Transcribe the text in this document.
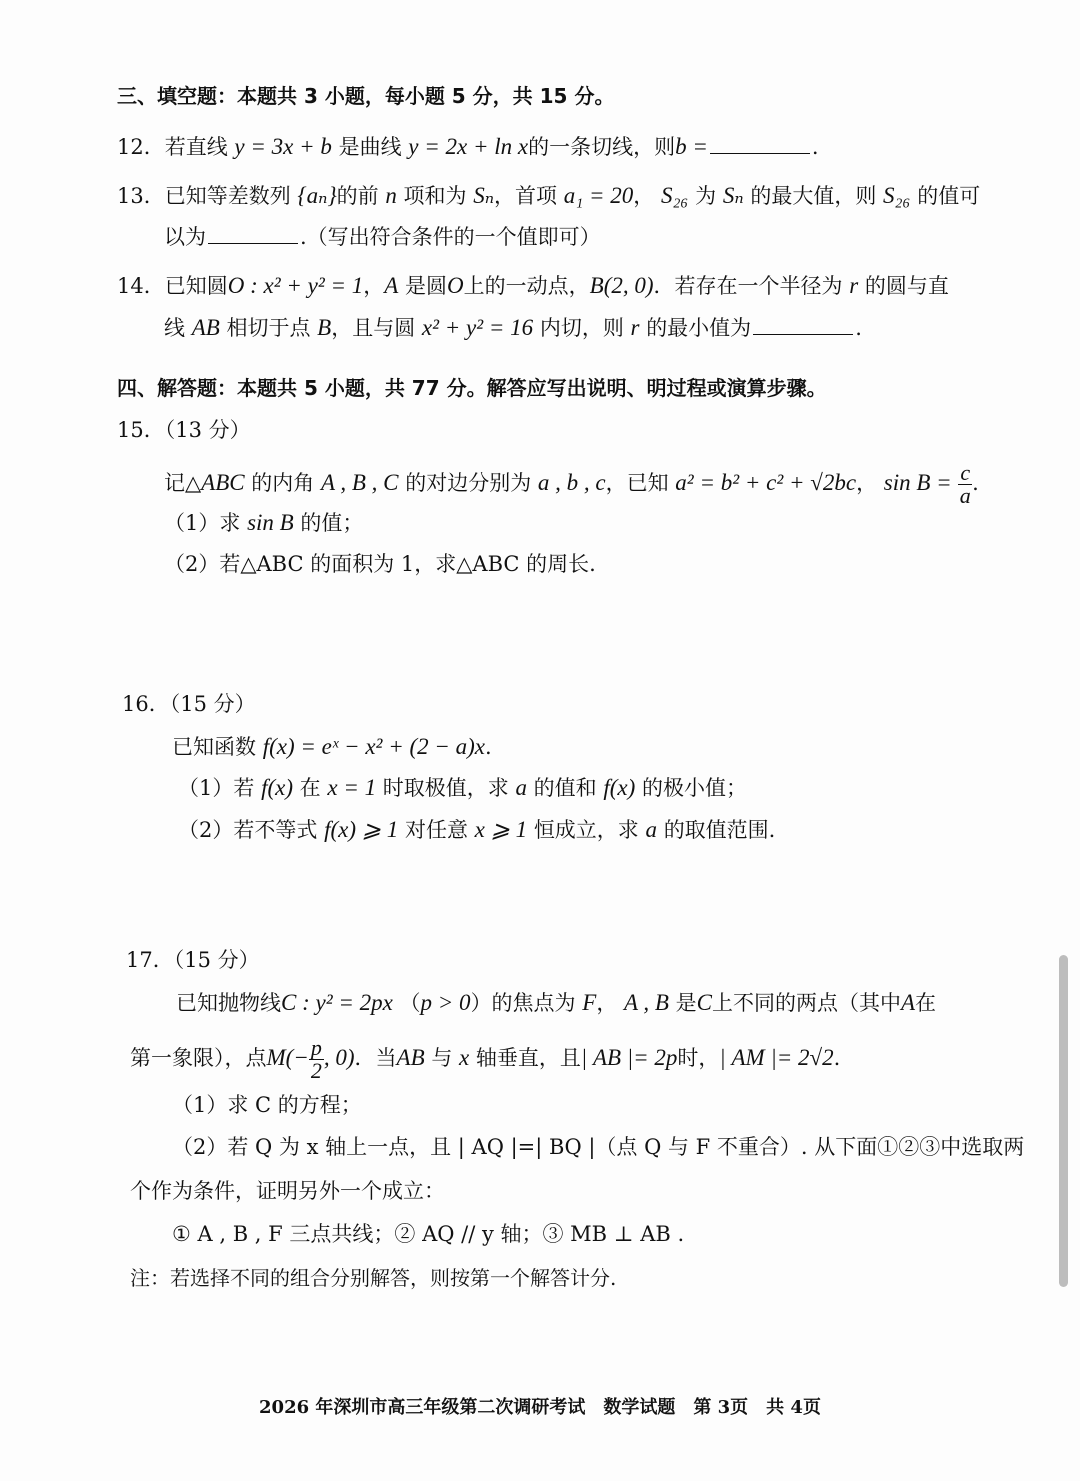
三、填空题：本题共 3 小题，每小题 5 分，共 15 分。
12．若直线 y = 3x + b 是曲线 y = 2x + ln x的一条切线，则b =	.
13．已知等差数列 {aₙ}的前 n 项和为 Sₙ，首项 a₁ = 20， S₂₆ 为 Sₙ 的最大值，则 S₂₆ 的值可
以为	.（写出符合条件的一个值即可）
14．已知圆O : x² + y² = 1，A 是圆O上的一动点，B(2, 0)．若存在一个半径为 r 的圆与直
线 AB 相切于点 B，且与圆 x² + y² = 16 内切，则 r 的最小值为	.
四、解答题：本题共 5 小题，共 77 分。解答应写出说明、明过程或演算步骤。
15．（13 分）
记△ABC 的内角 A , B , C 的对边分别为 a , b , c，已知 a² = b² + c² + √2bc， $\sin B = \frac{c}{a}$ .
（1）求 sin B 的值；
（2）若△ABC 的面积为 1，求△ABC 的周长.
16．（15 分）
已知函数 f(x) = eˣ − x² + (2 − a)x.
（1）若 f(x) 在 x = 1 时取极值，求 a 的值和 f(x) 的极小值；
（2）若不等式 f(x) ⩾ 1 对任意 x ⩾ 1 恒成立，求 a 的取值范围.
17．（15 分）
已知抛物线C : y² = 2px （p > 0）的焦点为 F， A , B 是C上不同的两点（其中A在
第一象限），点$M(- \frac{p}{2}$ , 0)．当AB 与 x 轴垂直，且| AB |= 2p时，| AM |= 2√2.
（1）求 C 的方程；
（2）若 Q 为 x 轴上一点，且 | AQ |=| BQ |（点 Q 与 F 不重合）. 从下面①②③中选取两
个作为条件，证明另外一个成立：
① A , B , F 三点共线；② AQ // y 轴；③ MB ⊥ AB .
注：若选择不同的组合分别解答，则按第一个解答计分.
2026 年深圳市高三年级第二次调研考试　数学试题　第 3页　共 4页
